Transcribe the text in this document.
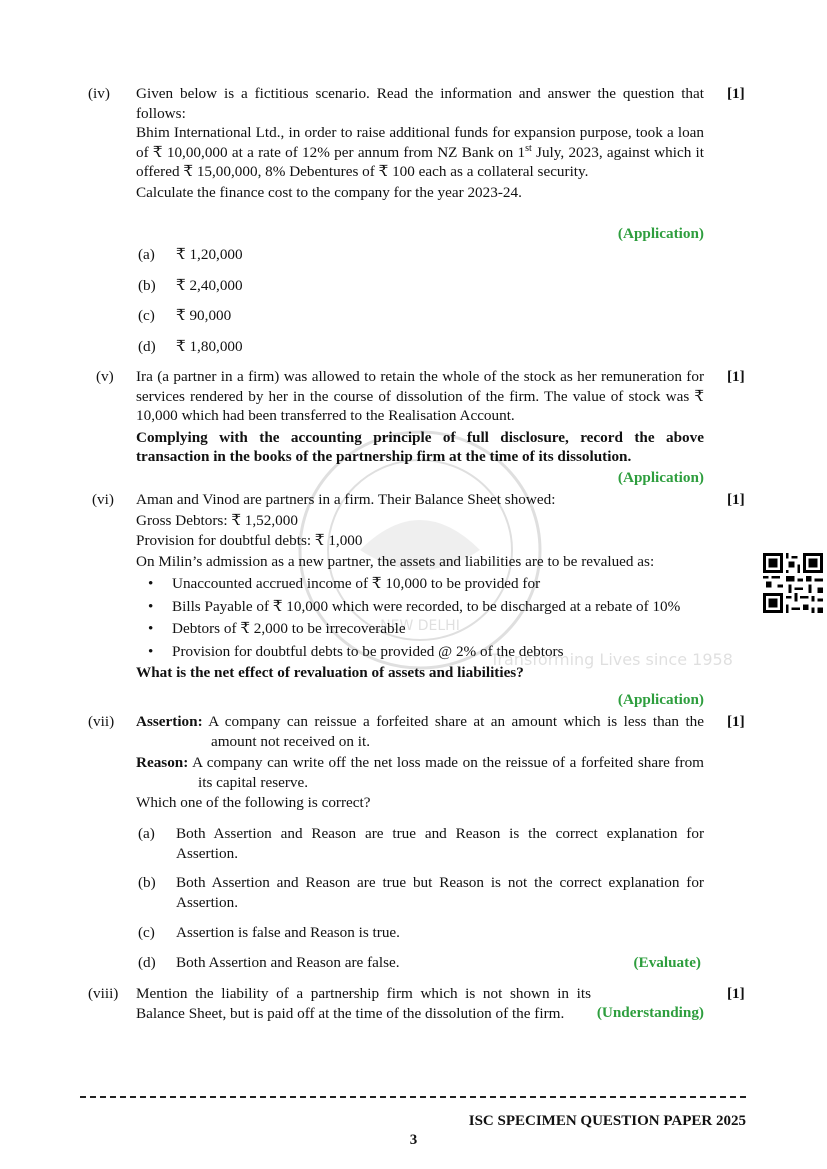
NEW DELHI
Transforming Lives since 1958
(iv)	[1]

Given below is a fictitious scenario. Read the information and answer the question that follows:

Bhim International Ltd., in order to raise additional funds for expansion purpose, took a loan of ₹ 10,00,000 at a rate of 12% per annum from NZ Bank on 1st July, 2023, against which it offered ₹ 15,00,000, 8% Debentures of ₹ 100 each as a collateral security.

Calculate the finance cost to the company for the year 2023-24.

(Application)
(a) ₹ 1,20,000
(b) ₹ 2,40,000
(c) ₹ 90,000
(d) ₹ 1,80,000
(v)	[1]

Ira (a partner in a firm) was allowed to retain the whole of the stock as her remuneration for services rendered by her in the course of dissolution of the firm. The value of stock was ₹ 10,000 which had been transferred to the Realisation Account.

Complying with the accounting principle of full disclosure, record the above transaction in the books of the partnership firm at the time of its dissolution.

(Application)
(vi)	[1]

Aman and Vinod are partners in a firm. Their Balance Sheet showed:

Gross Debtors: ₹ 1,52,000

Provision for doubtful debts: ₹ 1,000

On Milin’s admission as a new partner, the assets and liabilities are to be revalued as:

• Unaccounted accrued income of ₹ 10,000 to be provided for
• Bills Payable of ₹ 10,000 which were recorded, to be discharged at a rebate of 10%
• Debtors of ₹ 2,000 to be irrecoverable
• Provision for doubtful debts to be provided @ 2% of the debtors

What is the net effect of revaluation of assets and liabilities?

(Application)
(vii)	[1]

Assertion: A company can reissue a forfeited share at an amount which is less than the amount not received on it.

Reason: A company can write off the net loss made on the reissue of a forfeited share from its capital reserve.

Which one of the following is correct?

(a) Both Assertion and Reason are true and Reason is the correct explanation for Assertion.
(b) Both Assertion and Reason are true but Reason is not the correct explanation for Assertion.
(c) Assertion is false and Reason is true.
(d) Both Assertion and Reason are false.	(Evaluate)
(viii)	[1]
Mention the liability of a partnership firm which is not shown in its Balance Sheet, but is paid off at the time of the dissolution of the firm.	(Understanding)
ISC SPECIMEN QUESTION PAPER 2025
3
